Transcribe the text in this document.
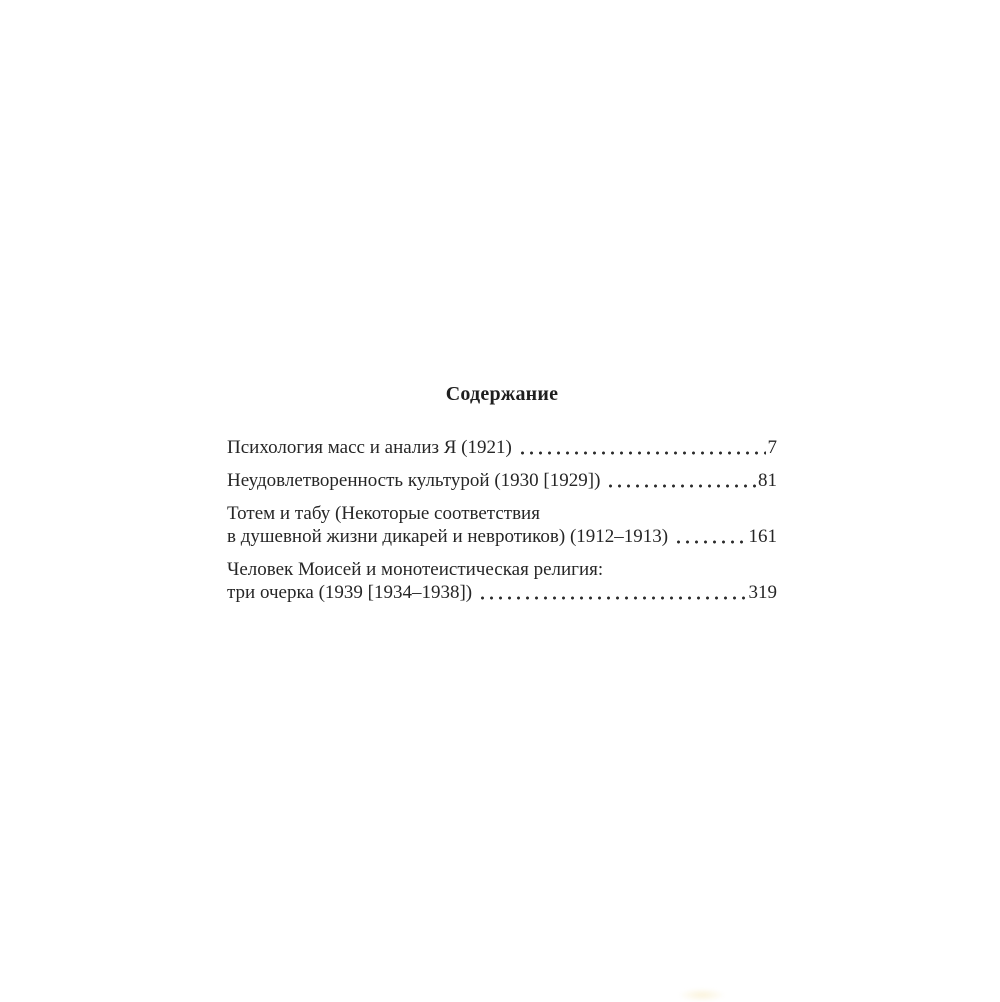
Содержание
Психология масс и анализ Я (1921)	7
Неудовлетворенность культурой (1930 [1929])	81
Тотем и табу (Некоторые соответствия
в душевной жизни дикарей и невротиков) (1912–1913)	161
Человек Моисей и монотеистическая религия:
три очерка (1939 [1934–1938])	319
